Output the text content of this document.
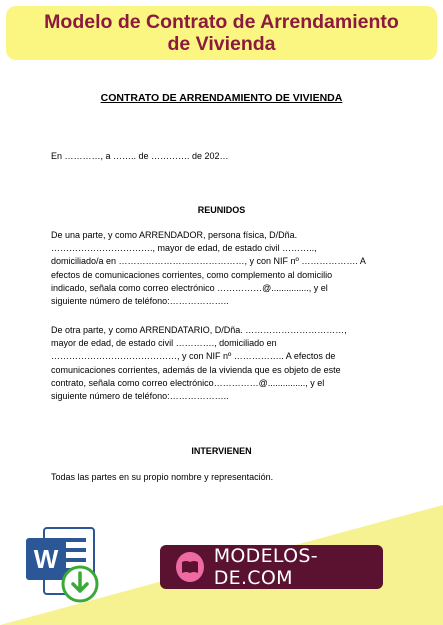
Modelo de Contrato de Arrendamiento de Vivienda
CONTRATO DE ARRENDAMIENTO DE VIVIENDA
En …………, a …….. de …………. de 202…
REUNIDOS
De una parte, y como ARRENDADOR, persona física, D/Dña.
……………………………., mayor de edad, de estado civil ………..,
domiciliado/a en ……………………………………, y con NIF nº ………………. A
efectos de comunicaciones corrientes, como complemento al domicilio
indicado, señala como correo electrónico ……………@..............., y el
siguiente número de teléfono:………………..
De otra parte, y como ARRENDATARIO, D/Dña. ……………………………,
mayor de edad, de estado civil …………., domiciliado en
……………………………………, y con NIF nº …………….. A efectos de
comunicaciones corrientes, además de la vivienda que es objeto de este
contrato, señala como correo electrónico……………@..............., y el
siguiente número de teléfono:………………..
INTERVIENEN
Todas las partes en su propio nombre y representación.
W	MODELOS-DE.COM
